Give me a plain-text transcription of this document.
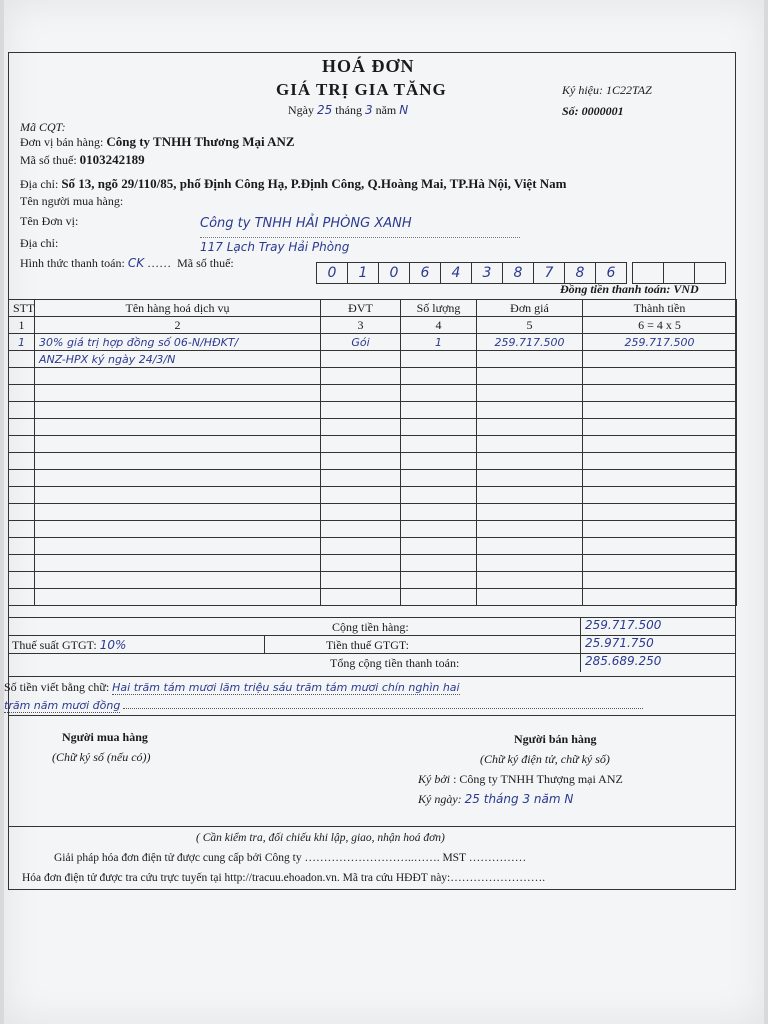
HOÁ ĐƠN
GIÁ TRỊ GIA TĂNG
Ngày 25 tháng 3 năm N
Ký hiệu: 1C22TAZ
Số: 0000001
Mã CQT:
Đơn vị bán hàng: Công ty TNHH Thương Mại ANZ
Mã số thuế: 0103242189
Địa chỉ: Số 13, ngõ 29/110/85, phố Định Công Hạ, P.Định Công, Q.Hoàng Mai, TP.Hà Nội, Việt Nam
Tên người mua hàng:
Tên Đơn vị:	Công ty TNHH HẢI PHÒNG XANH
Địa chỉ:	117 Lạch Tray Hải Phòng
Hình thức thanh toán: CK ……  Mã số thuế:
0	1	0	6	4	3	8	7	8	6
Đồng tiền thanh toán: VND
STT	Tên hàng hoá dịch vụ	ĐVT	Số lượng	Đơn giá	Thành tiền
1	2	3	4	5	6 = 4 x 5
1	30% giá trị hợp đồng số 06-N/HĐKT/	Gói	1	259.717.500	259.717.500
	ANZ-HPX ký ngày 24/3/N				

Cộng tiền hàng:	259.717.500
Thuế suất GTGT: 10%	Tiền thuế GTGT:	25.971.750
Tổng cộng tiền thanh toán:	285.689.250
Số tiền viết bằng chữ: Hai trăm tám mươi lăm triệu sáu trăm tám mươi chín nghìn hai
trăm năm mươi đồng
Người mua hàng
(Chữ ký số (nếu có))
Người bán hàng
(Chữ ký điện tử, chữ ký số)
Ký bởi : Công ty TNHH Thượng mại ANZ
Ký ngày: 25 tháng 3 năm N
( Cần kiểm tra, đối chiếu khi lập, giao, nhận hoá đơn)
Giải pháp hóa đơn điện tử được cung cấp bởi Công ty ………………………..……. MST ……………
Hóa đơn điện tử được tra cứu trực tuyến tại http://tracuu.ehoadon.vn. Mã tra cứu HĐĐT này:…………………….
